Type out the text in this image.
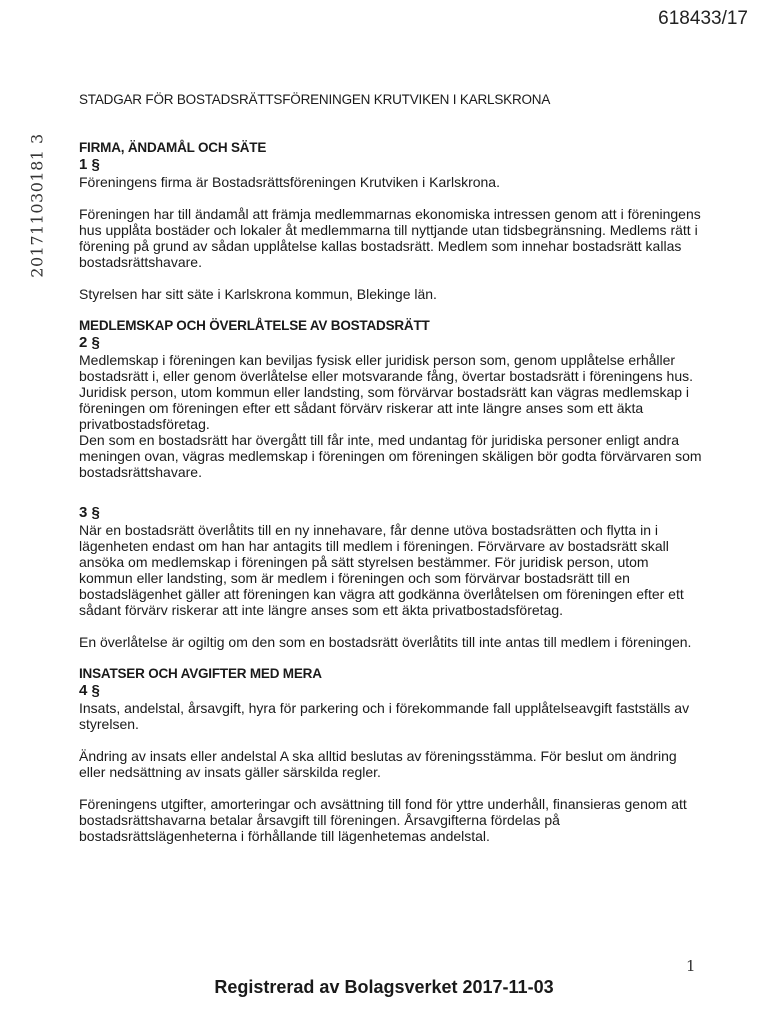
618433/17
201711030181 3
STADGAR FÖR BOSTADSRÄTTSFÖRENINGEN KRUTVIKEN I KARLSKRONA
FIRMA, ÄNDAMÅL OCH SÄTE
1 §

Föreningens firma är Bostadsrättsföreningen Krutviken i Karlskrona.

Föreningen har till ändamål att främja medlemmarnas ekonomiska intressen genom att i föreningens hus upplåta bostäder och lokaler åt medlemmarna till nyttjande utan tidsbegränsning. Medlems rätt i förening på grund av sådan upplåtelse kallas bostadsrätt. Medlem som innehar bostadsrätt kallas bostadsrättshavare.

Styrelsen har sitt säte i Karlskrona kommun, Blekinge län.

MEDLEMSKAP OCH ÖVERLÅTELSE AV BOSTADSRÄTT
2 §

Medlemskap i föreningen kan beviljas fysisk eller juridisk person som, genom upplåtelse erhåller bostadsrätt i, eller genom överlåtelse eller motsvarande fång, övertar bostadsrätt i föreningens hus.

Juridisk person, utom kommun eller landsting, som förvärvar bostadsrätt kan vägras medlemskap i föreningen om föreningen efter ett sådant förvärv riskerar att inte längre anses som ett äkta privatbostadsföretag.

Den som en bostadsrätt har övergått till får inte, med undantag för juridiska personer enligt andra meningen ovan, vägras medlemskap i föreningen om föreningen skäligen bör godta förvärvaren som bostadsrättshavare.

3 §

När en bostadsrätt överlåtits till en ny innehavare, får denne utöva bostadsrätten och flytta in i lägenheten endast om han har antagits till medlem i föreningen. Förvärvare av bostadsrätt skall ansöka om medlemskap i föreningen på sätt styrelsen bestämmer. För juridisk person, utom kommun eller landsting, som är medlem i föreningen och som förvärvar bostadsrätt till en bostadslägenhet gäller att föreningen kan vägra att godkänna överlåtelsen om föreningen efter ett sådant förvärv riskerar att inte längre anses som ett äkta privatbostadsföretag.

En överlåtelse är ogiltig om den som en bostadsrätt överlåtits till inte antas till medlem i föreningen.

INSATSER OCH AVGIFTER MED MERA
4 §

Insats, andelstal, årsavgift, hyra för parkering och i förekommande fall upplåtelseavgift fastställs av styrelsen.

Ändring av insats eller andelstal A ska alltid beslutas av föreningsstämma. För beslut om ändring eller nedsättning av insats gäller särskilda regler.

Föreningens utgifter, amorteringar och avsättning till fond för yttre underhåll, finansieras genom att bostadsrättshavarna betalar årsavgift till föreningen. Årsavgifterna fördelas på bostadsrättslägenheterna i förhållande till lägenhetemas andelstal.

1
Registrerad av Bolagsverket 2017-11-03
